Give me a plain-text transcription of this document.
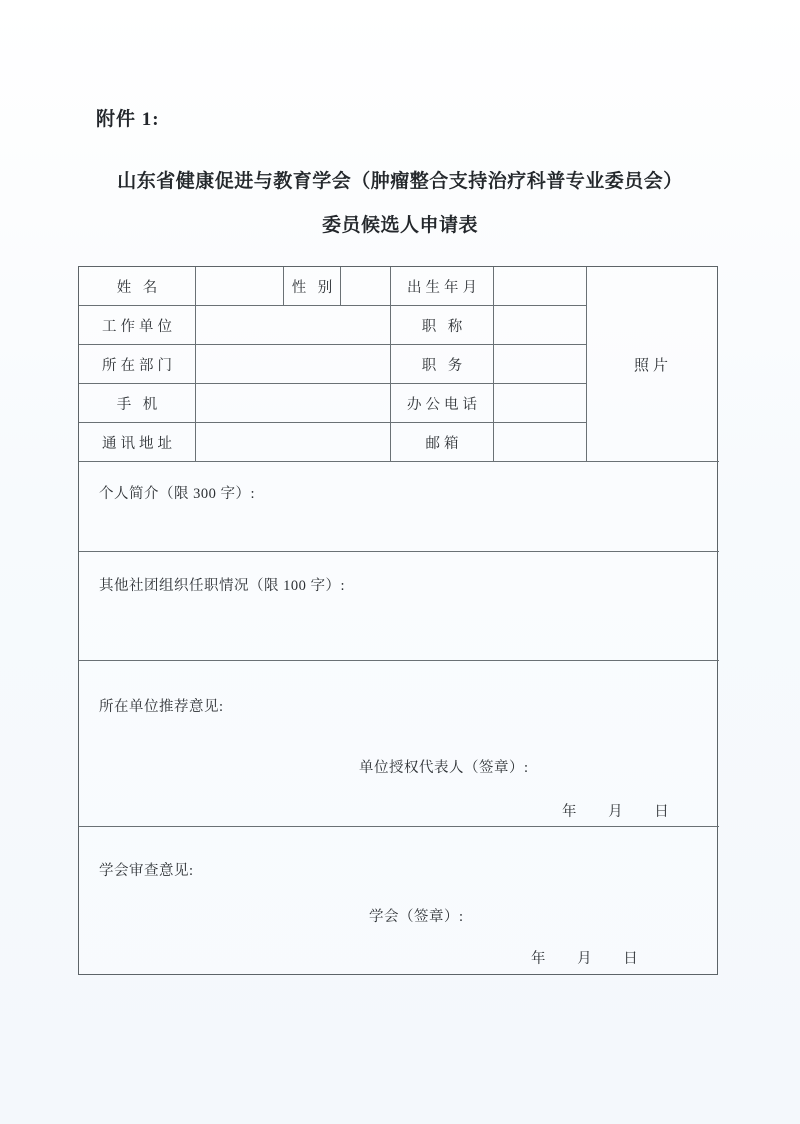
附件 1:
山东省健康促进与教育学会（肿瘤整合支持治疗科普专业委员会）
委员候选人申请表
姓 名	性 别	出生年月
工作单位	职 称
所在部门	职 务
手 机	办公电话
通讯地址	邮箱
照片
个人简介（限 300 字）:
其他社团组织任职情况（限 100 字）:
所在单位推荐意见:
单位授权代表人（签章）:
年 月 日
学会审查意见:
学会（签章）:
年 月 日
